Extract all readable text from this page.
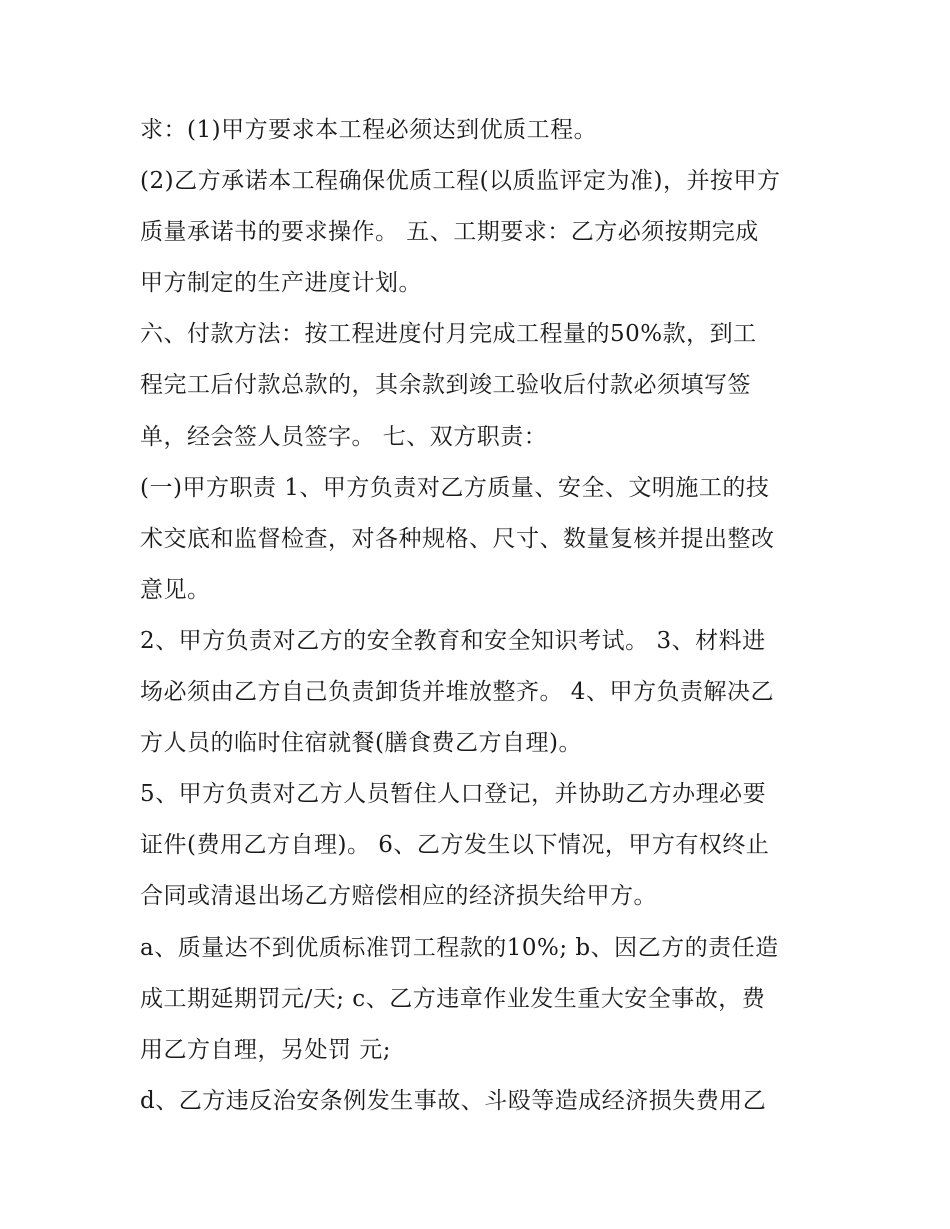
求：(1)甲方要求本工程必须达到优质工程。
(2)乙方承诺本工程确保优质工程(以质监评定为准)，并按甲方
质量承诺书的要求操作。 五、工期要求：乙方必须按期完成
甲方制定的生产进度计划。
六、付款方法：按工程进度付月完成工程量的50%款，到工
程完工后付款总款的，其余款到竣工验收后付款必须填写签
单，经会签人员签字。 七、双方职责：
(一)甲方职责 1、甲方负责对乙方质量、安全、文明施工的技
术交底和监督检查，对各种规格、尺寸、数量复核并提出整改
意见。
2、甲方负责对乙方的安全教育和安全知识考试。 3、材料进
场必须由乙方自己负责卸货并堆放整齐。 4、甲方负责解决乙
方人员的临时住宿就餐(膳食费乙方自理)。
5、甲方负责对乙方人员暂住人口登记，并协助乙方办理必要
证件(费用乙方自理)。 6、乙方发生以下情况，甲方有权终止
合同或清退出场乙方赔偿相应的经济损失给甲方。
a、质量达不到优质标准罚工程款的10%; b、因乙方的责任造
成工期延期罚元/天; c、乙方违章作业发生重大安全事故，费
用乙方自理，另处罚 元;
d、乙方违反治安条例发生事故、斗殴等造成经济损失费用乙
